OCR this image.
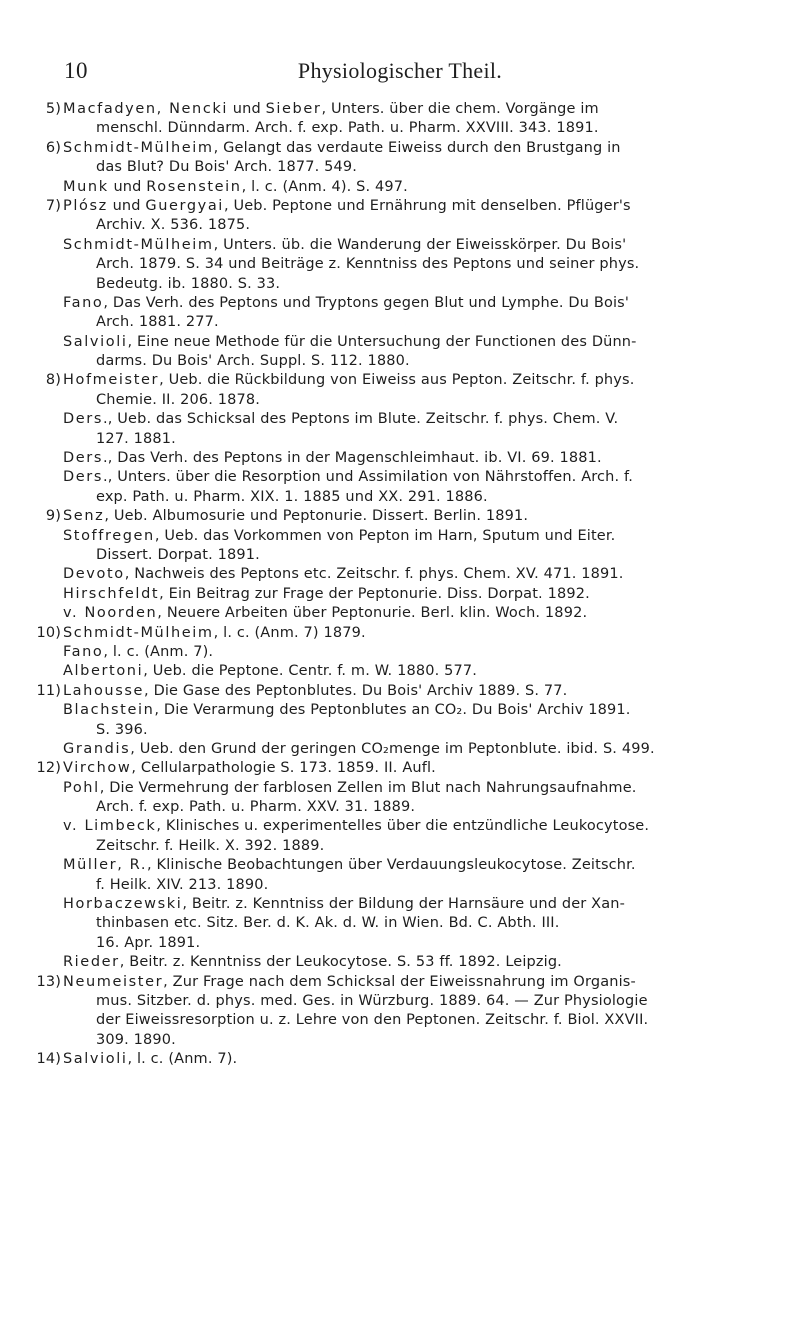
10	Physiologischer Theil.
5) Macfadyen, Nencki und Sieber, Unters. über die chem. Vorgänge im
menschl. Dünndarm. Arch. f. exp. Path. u. Pharm. XXVIII. 343. 1891.
6) Schmidt-Mülheim, Gelangt das verdaute Eiweiss durch den Brustgang in
das Blut? Du Bois' Arch. 1877. 549.
Munk und Rosenstein, l. c. (Anm. 4). S. 497.
7) Plósz und Guergyai, Ueb. Peptone und Ernährung mit denselben. Pflüger's
Archiv. X. 536. 1875.
Schmidt-Mülheim, Unters. üb. die Wanderung der Eiweisskörper. Du Bois'
Arch. 1879. S. 34 und Beiträge z. Kenntniss des Peptons und seiner phys.
Bedeutg. ib. 1880. S. 33.
Fano, Das Verh. des Peptons und Tryptons gegen Blut und Lymphe. Du Bois'
Arch. 1881. 277.
Salvioli, Eine neue Methode für die Untersuchung der Functionen des Dünn-
darms. Du Bois' Arch. Suppl. S. 112. 1880.
8) Hofmeister, Ueb. die Rückbildung von Eiweiss aus Pepton. Zeitschr. f. phys.
Chemie. II. 206. 1878.
Ders., Ueb. das Schicksal des Peptons im Blute. Zeitschr. f. phys. Chem. V.
127. 1881.
Ders., Das Verh. des Peptons in der Magenschleimhaut. ib. VI. 69. 1881.
Ders., Unters. über die Resorption und Assimilation von Nährstoffen. Arch. f.
exp. Path. u. Pharm. XIX. 1. 1885 und XX. 291. 1886.
9) Senz, Ueb. Albumosurie und Peptonurie. Dissert. Berlin. 1891.
Stoffregen, Ueb. das Vorkommen von Pepton im Harn, Sputum und Eiter.
Dissert. Dorpat. 1891.
Devoto, Nachweis des Peptons etc. Zeitschr. f. phys. Chem. XV. 471. 1891.
Hirschfeldt, Ein Beitrag zur Frage der Peptonurie. Diss. Dorpat. 1892.
v. Noorden, Neuere Arbeiten über Peptonurie. Berl. klin. Woch. 1892.
10) Schmidt-Mülheim, l. c. (Anm. 7) 1879.
Fano, l. c. (Anm. 7).
Albertoni, Ueb. die Peptone. Centr. f. m. W. 1880. 577.
11) Lahousse, Die Gase des Peptonblutes. Du Bois' Archiv 1889. S. 77.
Blachstein, Die Verarmung des Peptonblutes an CO₂. Du Bois' Archiv 1891.
S. 396.
Grandis, Ueb. den Grund der geringen CO₂menge im Peptonblute. ibid. S. 499.
12) Virchow, Cellularpathologie S. 173. 1859. II. Aufl.
Pohl, Die Vermehrung der farblosen Zellen im Blut nach Nahrungsaufnahme.
Arch. f. exp. Path. u. Pharm. XXV. 31. 1889.
v. Limbeck, Klinisches u. experimentelles über die entzündliche Leukocytose.
Zeitschr. f. Heilk. X. 392. 1889.
Müller, R., Klinische Beobachtungen über Verdauungsleukocytose. Zeitschr.
f. Heilk. XIV. 213. 1890.
Horbaczewski, Beitr. z. Kenntniss der Bildung der Harnsäure und der Xan-
thinbasen etc. Sitz. Ber. d. K. Ak. d. W. in Wien. Bd. C. Abth. III.
16. Apr. 1891.
Rieder, Beitr. z. Kenntniss der Leukocytose. S. 53 ff. 1892. Leipzig.
13) Neumeister, Zur Frage nach dem Schicksal der Eiweissnahrung im Organis-
mus. Sitzber. d. phys. med. Ges. in Würzburg. 1889. 64. — Zur Physiologie
der Eiweissresorption u. z. Lehre von den Peptonen. Zeitschr. f. Biol. XXVII.
309. 1890.
14) Salvioli, l. c. (Anm. 7).
